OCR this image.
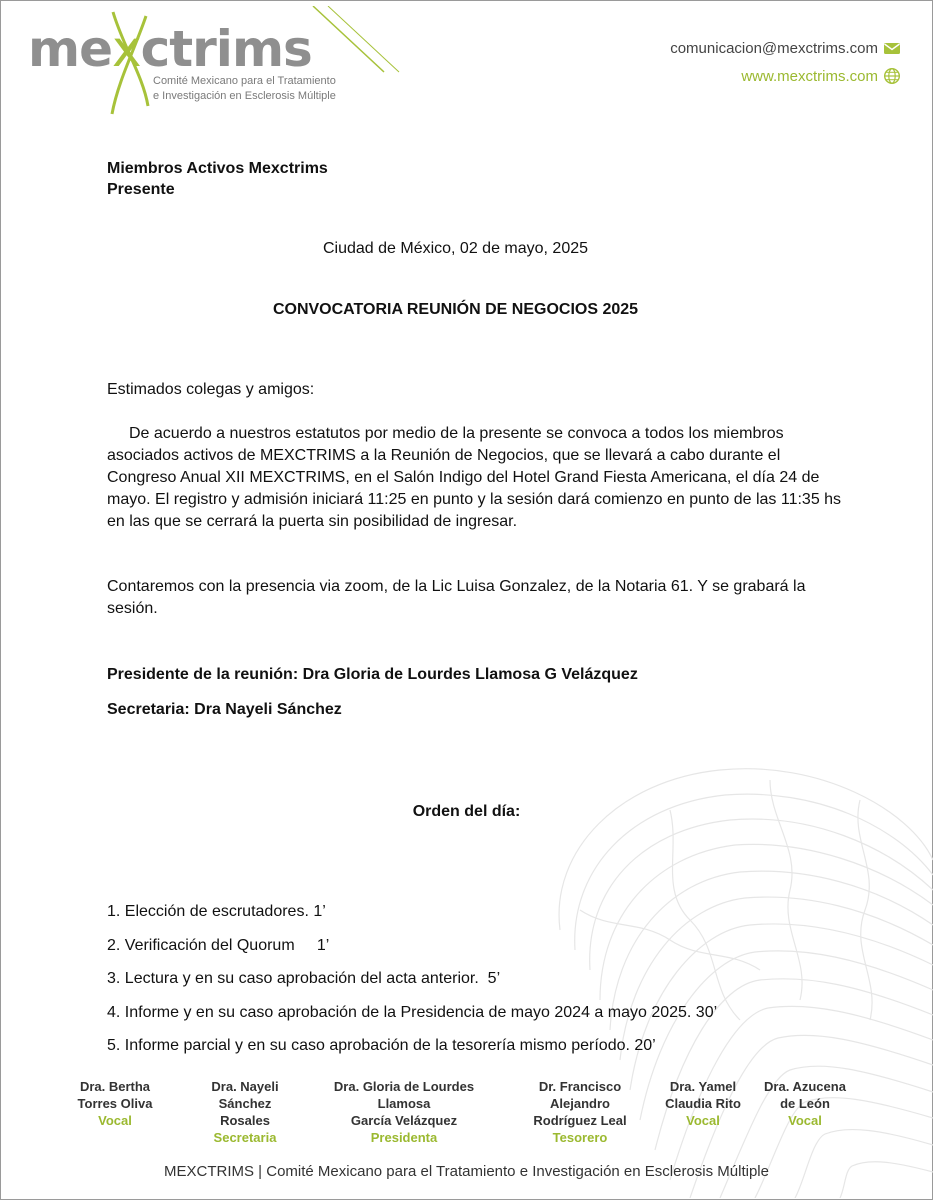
mexctrims
Comité Mexicano para el Tratamiento
e Investigación en Esclerosis Múltiple
comunicacion@mexctrims.com
www.mexctrims.com
Miembros Activos Mexctrims
Presente
Ciudad de México, 02 de mayo, 2025
CONVOCATORIA REUNIÓN DE NEGOCIOS 2025
Estimados colegas y amigos:
De acuerdo a nuestros estatutos por medio de la presente se convoca a todos los miembros asociados activos de MEXCTRIMS a la Reunión de Negocios, que se llevará a cabo durante el Congreso Anual XII MEXCTRIMS, en el Salón Indigo del Hotel Grand Fiesta Americana, el día 24 de mayo. El registro y admisión iniciará 11:25 en punto y la sesión dará comienzo en punto de las 11:35 hs en las que se cerrará la puerta sin posibilidad de ingresar.
Contaremos con la presencia via zoom, de la Lic Luisa Gonzalez, de la Notaria 61. Y se grabará la sesión.
Presidente de la reunión: Dra Gloria de Lourdes Llamosa G Velázquez
Secretaria: Dra Nayeli Sánchez
Orden del día:
1. Elección de escrutadores. 1’
2. Verificación del Quorum     1’
3. Lectura y en su caso aprobación del acta anterior.  5’
4. Informe y en su caso aprobación de la Presidencia de mayo 2024 a mayo 2025. 30’
5. Informe parcial y en su caso aprobación de la tesorería mismo período. 20’
Dra. Bertha
Torres Oliva
Vocal
Dra. Nayeli
Sánchez
Rosales
Secretaria
Dra. Gloria de Lourdes
Llamosa
García Velázquez
Presidenta
Dr. Francisco
Alejandro
Rodríguez Leal
Tesorero
Dra. Yamel
Claudia Rito
Vocal
Dra. Azucena
de León
Vocal
MEXCTRIMS | Comité Mexicano para el Tratamiento e Investigación en Esclerosis Múltiple
